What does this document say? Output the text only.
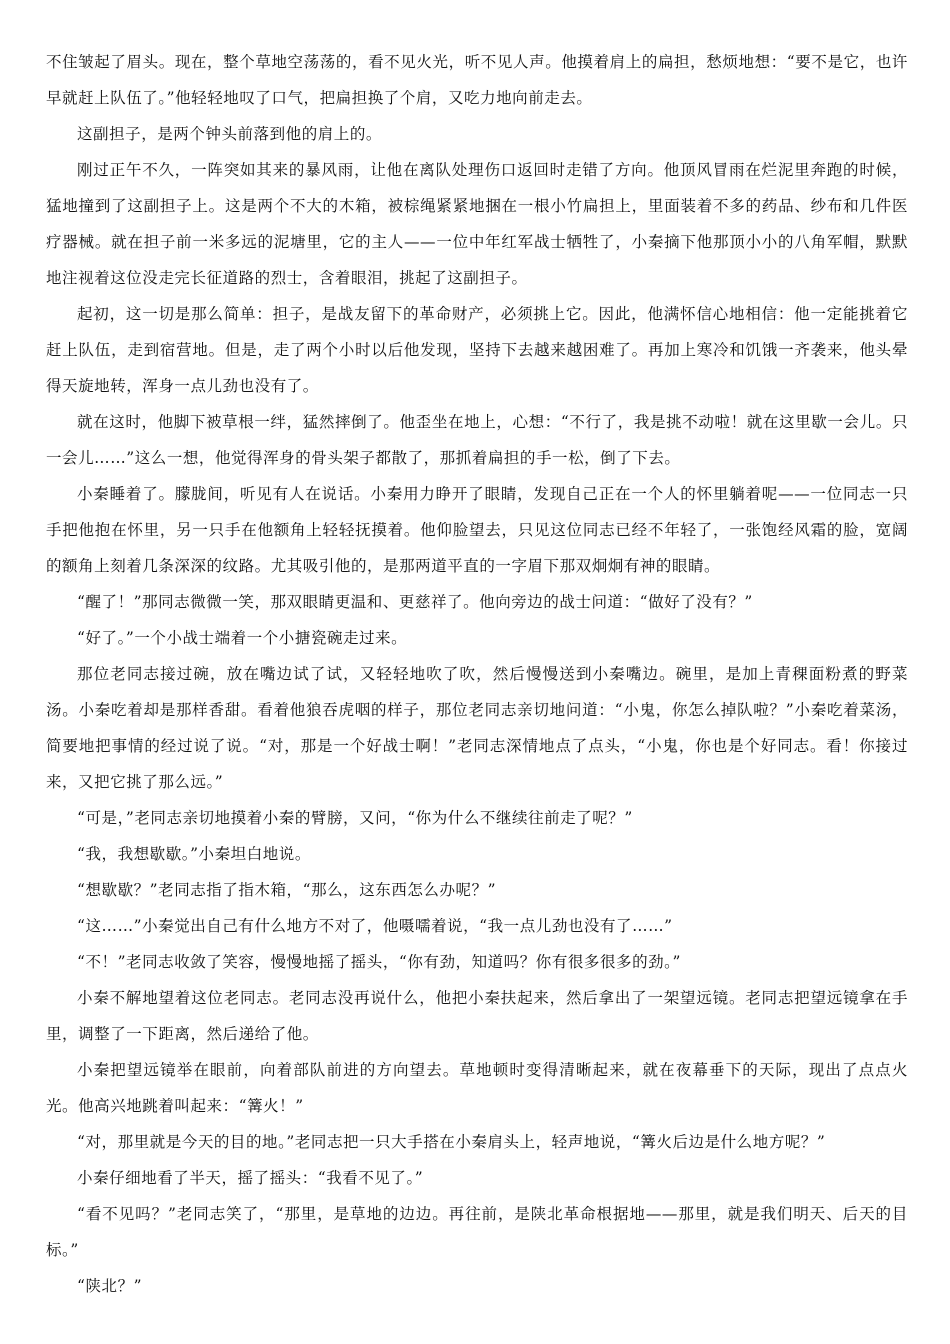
不住皱起了眉头。现在，整个草地空荡荡的，看不见火光，听不见人声。他摸着肩上的扁担，愁烦地想：“要不是它，也许早就赶上队伍了。”他轻轻地叹了口气，把扁担换了个肩，又吃力地向前走去。

这副担子，是两个钟头前落到他的肩上的。

刚过正午不久，一阵突如其来的暴风雨，让他在离队处理伤口返回时走错了方向。他顶风冒雨在烂泥里奔跑的时候，猛地撞到了这副担子上。这是两个不大的木箱，被棕绳紧紧地捆在一根小竹扁担上，里面装着不多的药品、纱布和几件医疗器械。就在担子前一米多远的泥塘里，它的主人——一位中年红军战士牺牲了，小秦摘下他那顶小小的八角军帽，默默地注视着这位没走完长征道路的烈士，含着眼泪，挑起了这副担子。

起初，这一切是那么简单：担子，是战友留下的革命财产，必须挑上它。因此，他满怀信心地相信：他一定能挑着它赶上队伍，走到宿营地。但是，走了两个小时以后他发现，坚持下去越来越困难了。再加上寒冷和饥饿一齐袭来，他头晕得天旋地转，浑身一点儿劲也没有了。

就在这时，他脚下被草根一绊，猛然摔倒了。他歪坐在地上，心想：“不行了，我是挑不动啦！就在这里歇一会儿。只一会儿……”这么一想，他觉得浑身的骨头架子都散了，那抓着扁担的手一松，倒了下去。

小秦睡着了。朦胧间，听见有人在说话。小秦用力睁开了眼睛，发现自己正在一个人的怀里躺着呢——一位同志一只手把他抱在怀里，另一只手在他额角上轻轻抚摸着。他仰脸望去，只见这位同志已经不年轻了，一张饱经风霜的脸，宽阔的额角上刻着几条深深的纹路。尤其吸引他的，是那两道平直的一字眉下那双炯炯有神的眼睛。

“醒了！”那同志微微一笑，那双眼睛更温和、更慈祥了。他向旁边的战士问道：“做好了没有？”

“好了。”一个小战士端着一个小搪瓷碗走过来。

那位老同志接过碗，放在嘴边试了试，又轻轻地吹了吹，然后慢慢送到小秦嘴边。碗里，是加上青稞面粉煮的野菜汤。小秦吃着却是那样香甜。看着他狼吞虎咽的样子，那位老同志亲切地问道：“小鬼，你怎么掉队啦？”小秦吃着菜汤，简要地把事情的经过说了说。“对，那是一个好战士啊！”老同志深情地点了点头，“小鬼，你也是个好同志。看！你接过来，又把它挑了那么远。”

“可是，”老同志亲切地摸着小秦的臂膀，又问，“你为什么不继续往前走了呢？”

“我，我想歇歇。”小秦坦白地说。

“想歇歇？”老同志指了指木箱，“那么，这东西怎么办呢？”

“这……”小秦觉出自己有什么地方不对了，他嗫嚅着说，“我一点儿劲也没有了……”

“不！”老同志收敛了笑容，慢慢地摇了摇头，“你有劲，知道吗？你有很多很多的劲。”

小秦不解地望着这位老同志。老同志没再说什么，他把小秦扶起来，然后拿出了一架望远镜。老同志把望远镜拿在手里，调整了一下距离，然后递给了他。

小秦把望远镜举在眼前，向着部队前进的方向望去。草地顿时变得清晰起来，就在夜幕垂下的天际，现出了点点火光。他高兴地跳着叫起来：“篝火！”

“对，那里就是今天的目的地。”老同志把一只大手搭在小秦肩头上，轻声地说，“篝火后边是什么地方呢？”

小秦仔细地看了半天，摇了摇头：“我看不见了。”

“看不见吗？”老同志笑了，“那里，是草地的边边。再往前，是陕北革命根据地——那里，就是我们明天、后天的目标。”

“陕北？”
